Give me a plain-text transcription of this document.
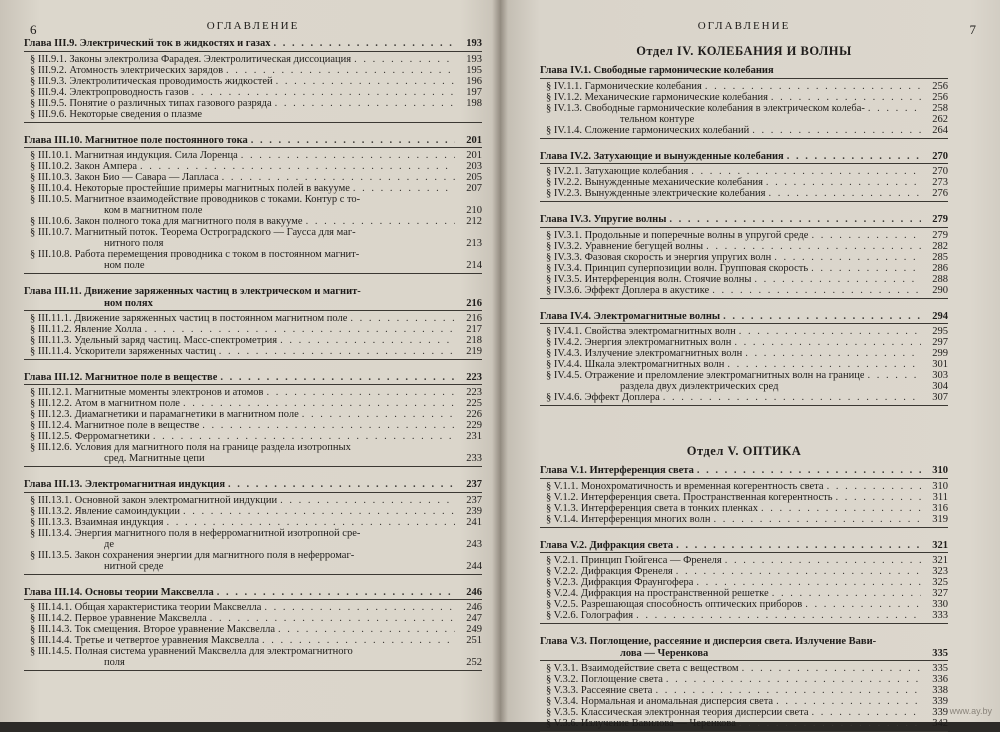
6	ОГЛАВЛЕНИЕ
Глава III.9. Электрический ток в жидкостях и газах . . .	193
§ III.9.1. Законы электролиза Фарадея. Электролитическая диссоциация . . .	193
§ III.9.2. Атомность электрических зарядов . . .	195
§ III.9.3. Электролитическая проводимость жидкостей . . .	196
§ III.9.4. Электропроводность газов . . .	197
§ III.9.5. Понятие о различных типах газового разряда . . .	198
§ III.9.6. Некоторые сведения о плазме
Глава III.10. Магнитное поле постоянного тока . . .	201
§ III.10.1. Магнитная индукция. Сила Лоренца . . .	201
§ III.10.2. Закон Ампера . . .	203
§ III.10.3. Закон Био — Савара — Лапласа . . .	205
§ III.10.4. Некоторые простейшие примеры магнитных полей в вакууме . . .	207
§ III.10.5. Магнитное взаимодействие проводников с токами. Контур с то-
ком в магнитном поле	210
§ III.10.6. Закон полного тока для магнитного поля в вакууме . . .	212
§ III.10.7. Магнитный поток. Теорема Остроградского — Гаусса для маг-
нитного поля	213
§ III.10.8. Работа перемещения проводника с током в постоянном магнит-
ном поле	214
Глава III.11. Движение заряженных частиц в электрическом и магнит-
ном полях	216
§ III.11.1. Движение заряженных частиц в постоянном магнитном поле . . .	216
§ III.11.2. Явление Холла . . .	217
§ III.11.3. Удельный заряд частиц. Масс-спектрометрия . . .	218
§ III.11.4. Ускорители заряженных частиц . . .	219
Глава III.12. Магнитное поле в веществе . . .	223
§ III.12.1. Магнитные моменты электронов и атомов . . .	223
§ III.12.2. Атом в магнитном поле . . .	225
§ III.12.3. Диамагнетики и парамагнетики в магнитном поле . . .	226
§ III.12.4. Магнитное поле в веществе . . .	229
§ III.12.5. Ферромагнетики . . .	231
§ III.12.6. Условия для магнитного поля на границе раздела изотропных
сред. Магнитные цепи	233
Глава III.13. Электромагнитная индукция . . .	237
§ III.13.1. Основной закон электромагнитной индукции . . .	237
§ III.13.2. Явление самоиндукции . . .	239
§ III.13.3. Взаимная индукция . . .	241
§ III.13.4. Энергия магнитного поля в неферромагнитной изотропной сре-
де	243
§ III.13.5. Закон сохранения энергии для магнитного поля в неферромаг-
нитной среде	244
Глава III.14. Основы теории Максвелла . . .	246
§ III.14.1. Общая характеристика теории Максвелла . . .	246
§ III.14.2. Первое уравнение Максвелла . . .	247
§ III.14.3. Ток смещения. Второе уравнение Максвелла . . .	249
§ III.14.4. Третье и четвертое уравнения Максвелла . . .	251
§ III.14.5. Полная система уравнений Максвелла для электромагнитного
поля	252
ОГЛАВЛЕНИЕ	7
Отдел IV. КОЛЕБАНИЯ И ВОЛНЫ
Глава IV.1. Свободные гармонические колебания
§ IV.1.1. Гармонические колебания . . .	256
§ IV.1.2. Механические гармонические колебания . . .	256
§ IV.1.3. Свободные гармонические колебания в электрическом колеба- . . .	258
тельном контуре	262
§ IV.1.4. Сложение гармонических колебаний . . .	264
Глава IV.2. Затухающие и вынужденные колебания . . .	270
§ IV.2.1. Затухающие колебания . . .	270
§ IV.2.2. Вынужденные механические колебания . . .	273
§ IV.2.3. Вынужденные электрические колебания . . .	276
Глава IV.3. Упругие волны . . .	279
§ IV.3.1. Продольные и поперечные волны в упругой среде . . .	279
§ IV.3.2. Уравнение бегущей волны . . .	282
§ IV.3.3. Фазовая скорость и энергия упругих волн . . .	285
§ IV.3.4. Принцип суперпозиции волн. Групповая скорость . . .	286
§ IV.3.5. Интерференция волн. Стоячие волны . . .	288
§ IV.3.6. Эффект Доплера в акустике . . .	290
Глава IV.4. Электромагнитные волны . . .	294
§ IV.4.1. Свойства электромагнитных волн . . .	295
§ IV.4.2. Энергия электромагнитных волн . . .	297
§ IV.4.3. Излучение электромагнитных волн . . .	299
§ IV.4.4. Шкала электромагнитных волн . . .	301
§ IV.4.5. Отражение и преломление электромагнитных волн на границе . . .	303
раздела двух диэлектрических сред	304
§ IV.4.6. Эффект Доплера . . .	307
Отдел V. ОПТИКА
Глава V.1. Интерференция света . . .	310
§ V.1.1. Монохроматичность и временная когерентность света . . .	310
§ V.1.2. Интерференция света. Пространственная когерентность . . .	311
§ V.1.3. Интерференция света в тонких пленках . . .	316
§ V.1.4. Интерференция многих волн . . .	319
Глава V.2. Дифракция света . . .	321
§ V.2.1. Принцип Гюйгенса — Френеля . . .	321
§ V.2.2. Дифракция Френеля . . .	323
§ V.2.3. Дифракция Фраунгофера . . .	325
§ V.2.4. Дифракция на пространственной решетке . . .	327
§ V.2.5. Разрешающая способность оптических приборов . . .	330
§ V.2.6. Голография . . .	333
Глава V.3. Поглощение, рассеяние и дисперсия света. Излучение Вави-
лова — Черенкова	335
§ V.3.1. Взаимодействие света с веществом . . .	335
§ V.3.2. Поглощение света . . .	336
§ V.3.3. Рассеяние света . . .	338
§ V.3.4. Нормальная и аномальная дисперсия света . . .	339
§ V.3.5. Классическая электронная теория дисперсии света . . .	339
§ V.3.6. Излучение Вавилова — Черенкова . . .	342
www.ay.by
